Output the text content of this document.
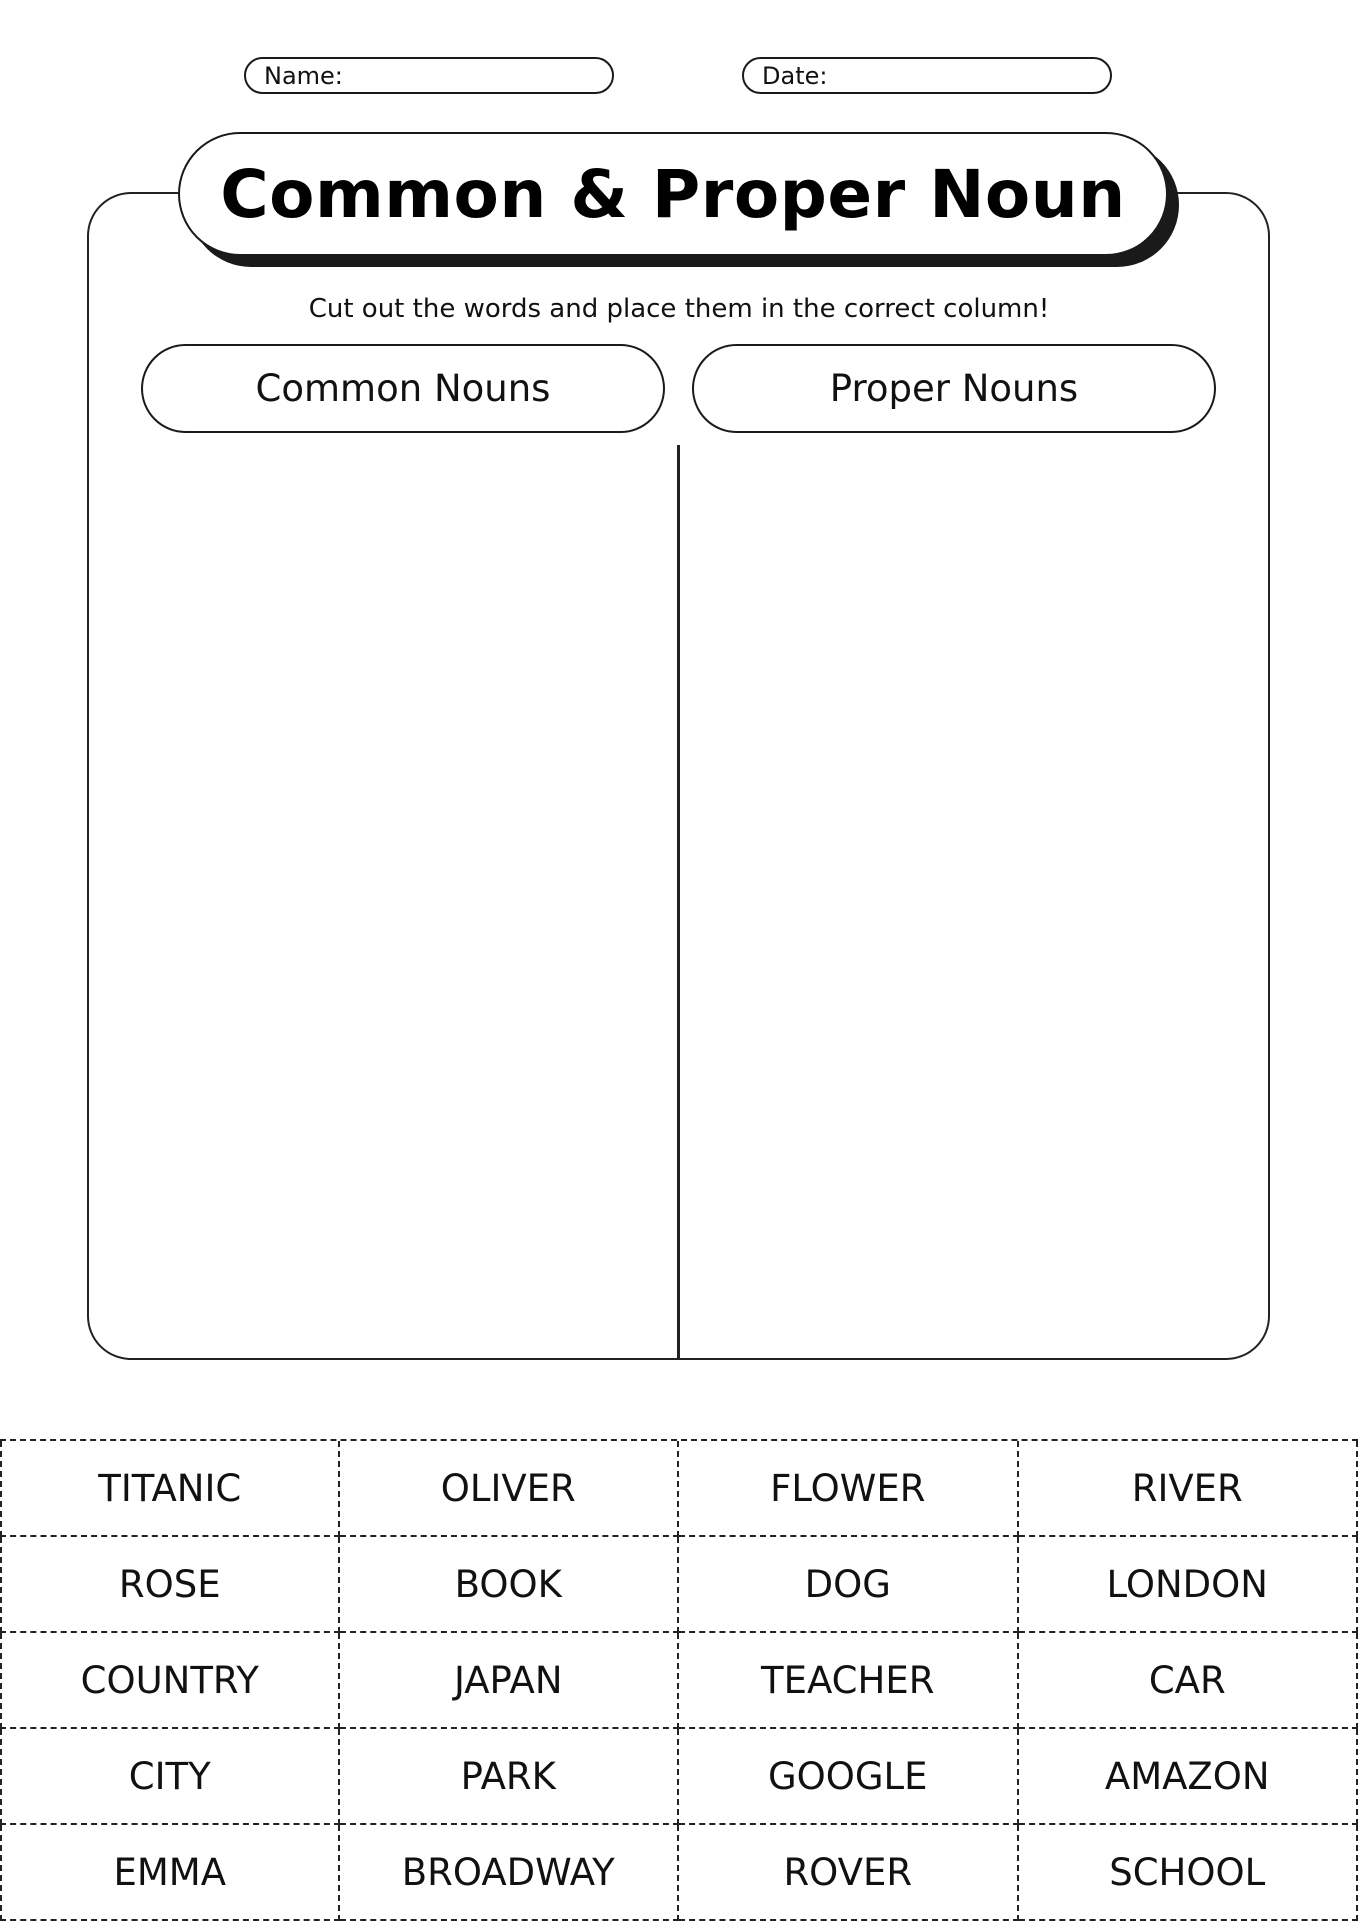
Name:	Date:
Common & Proper Noun
Cut out the words and place them in the correct column!
Common Nouns	Proper Nouns
TITANIC	OLIVER	FLOWER	RIVER
ROSE	BOOK	DOG	LONDON
COUNTRY	JAPAN	TEACHER	CAR
CITY	PARK	GOOGLE	AMAZON
EMMA	BROADWAY	ROVER	SCHOOL
